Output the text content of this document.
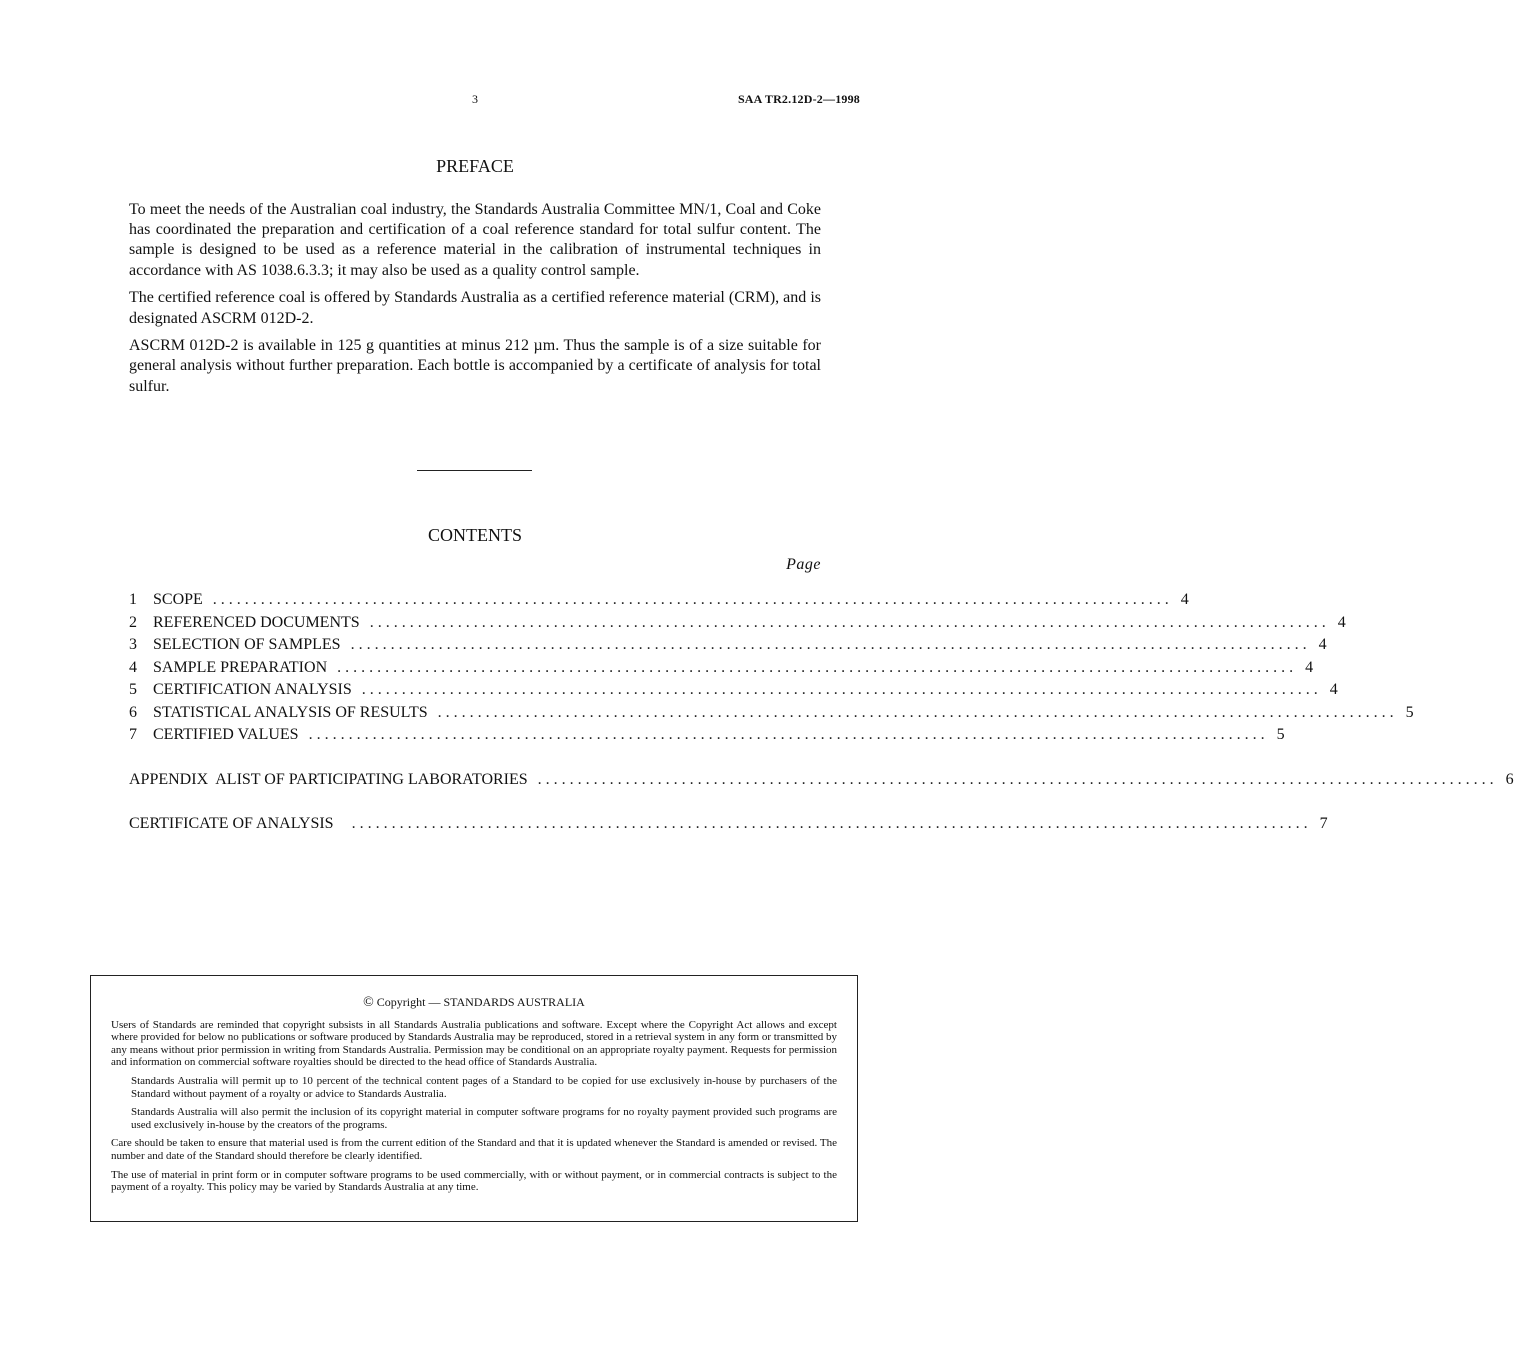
3	SAA TR2.12D-2—1998
PREFACE

To meet the needs of the Australian coal industry, the Standards Australia Committee MN/1, Coal and Coke has coordinated the preparation and certification of a coal reference standard for total sulfur content. The sample is designed to be used as a reference material in the calibration of instrumental techniques in accordance with AS 1038.6.3.3; it may also be used as a quality control sample.

The certified reference coal is offered by Standards Australia as a certified reference material (CRM), and is designated ASCRM 012D-2.

ASCRM 012D-2 is available in 125 g quantities at minus 212 µm. Thus the sample is of a size suitable for general analysis without further preparation. Each bottle is accompanied by a certificate of analysis for total sulfur.

CONTENTS
Page
1	SCOPE . . . . . . . . . . . . . . . . . . . . . . . . . . . . . . . . . . . . . . . . . . . . . . . . . . . . . . . . . . . . . . . . . . . . . . . . . . . . . . . . . . . . . . . . . . . . . . . . . . . . . . . . . . . . . . . . . . . . . . . . 4
2	REFERENCED DOCUMENTS . . . . . . . . . . . . . . . . . . . . . . . . . . . . . . . . . . . . . . . . . . . . . . . . . . . . . . . . . . . . . . . . . . . . . . . . . . . . . . . . . . . . . . . . . . . . . . . . . . . . . . . . . . . . . . . . . . . . . . . . 4
3	SELECTION OF SAMPLES . . . . . . . . . . . . . . . . . . . . . . . . . . . . . . . . . . . . . . . . . . . . . . . . . . . . . . . . . . . . . . . . . . . . . . . . . . . . . . . . . . . . . . . . . . . . . . . . . . . . . . . . . . . . . . . . . . . . . . . . 4
4	SAMPLE PREPARATION . . . . . . . . . . . . . . . . . . . . . . . . . . . . . . . . . . . . . . . . . . . . . . . . . . . . . . . . . . . . . . . . . . . . . . . . . . . . . . . . . . . . . . . . . . . . . . . . . . . . . . . . . . . . . . . . . . . . . . . . 4
5	CERTIFICATION ANALYSIS . . . . . . . . . . . . . . . . . . . . . . . . . . . . . . . . . . . . . . . . . . . . . . . . . . . . . . . . . . . . . . . . . . . . . . . . . . . . . . . . . . . . . . . . . . . . . . . . . . . . . . . . . . . . . . . . . . . . . . . . 4
6	STATISTICAL ANALYSIS OF RESULTS . . . . . . . . . . . . . . . . . . . . . . . . . . . . . . . . . . . . . . . . . . . . . . . . . . . . . . . . . . . . . . . . . . . . . . . . . . . . . . . . . . . . . . . . . . . . . . . . . . . . . . . . . . . . . . . . . . . . . . . . 5
7	CERTIFIED VALUES . . . . . . . . . . . . . . . . . . . . . . . . . . . . . . . . . . . . . . . . . . . . . . . . . . . . . . . . . . . . . . . . . . . . . . . . . . . . . . . . . . . . . . . . . . . . . . . . . . . . . . . . . . . . . . . . . . . . . . . . 5
APPENDIX  A LIST OF PARTICIPATING LABORATORIES . . . . . . . . . . . . . . . . . . . . . . . . . . . . . . . . . . . . . . . . . . . . . . . . . . . . . . . . . . . . . . . . . . . . . . . . . . . . . . . . . . . . . . . . . . . . . . . . . . . . . . . . . . . . . . . . . . . . . . . . 6
CERTIFICATE OF ANALYSIS . . . . . . . . . . . . . . . . . . . . . . . . . . . . . . . . . . . . . . . . . . . . . . . . . . . . . . . . . . . . . . . . . . . . . . . . . . . . . . . . . . . . . . . . . . . . . . . . . . . . . . . . . . . . . . . . . . . . . . . . 7
© Copyright — STANDARDS AUSTRALIA

Users of Standards are reminded that copyright subsists in all Standards Australia publications and software. Except where the Copyright Act allows and except where provided for below no publications or software produced by Standards Australia may be reproduced, stored in a retrieval system in any form or transmitted by any means without prior permission in writing from Standards Australia. Permission may be conditional on an appropriate royalty payment. Requests for permission and information on commercial software royalties should be directed to the head office of Standards Australia.

Standards Australia will permit up to 10 percent of the technical content pages of a Standard to be copied for use exclusively in-house by purchasers of the Standard without payment of a royalty or advice to Standards Australia.

Standards Australia will also permit the inclusion of its copyright material in computer software programs for no royalty payment provided such programs are used exclusively in-house by the creators of the programs.

Care should be taken to ensure that material used is from the current edition of the Standard and that it is updated whenever the Standard is amended or revised. The number and date of the Standard should therefore be clearly identified.

The use of material in print form or in computer software programs to be used commercially, with or without payment, or in commercial contracts is subject to the payment of a royalty. This policy may be varied by Standards Australia at any time.
